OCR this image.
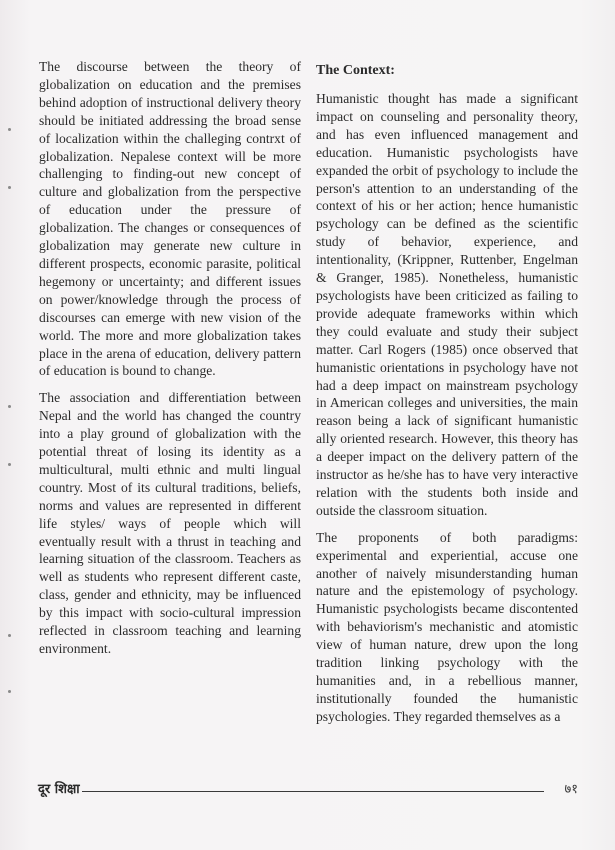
The discourse between the theory of globalization on education and the premises behind adoption of instructional delivery theory should be initiated addressing the broad sense of localization within the challeging contrxt of globalization. Nepalese context will be more challenging to finding-out new concept of culture and globalization from the perspective of education under the pressure of globalization. The changes or consequences of globalization may generate new culture in different prospects, economic parasite, political hegemony or uncertainty; and different issues on power/knowledge through the process of discourses can emerge with new vision of the world. The more and more globalization takes place in the arena of education, delivery pattern of education is bound to change.

The association and differentiation between Nepal and the world has changed the country into a play ground of globalization with the potential threat of losing its identity as a multicultural, multi ethnic and multi lingual country. Most of its cultural traditions, beliefs, norms and values are represented in different life styles/ ways of people which will eventually result with a thrust in teaching and learning situation of the classroom. Teachers as well as students who represent different caste, class, gender and ethnicity, may be influenced by this impact with socio-cultural impression reflected in classroom teaching and learning environment.

The Context:

Humanistic thought has made a significant impact on counseling and personality theory, and has even influenced management and education. Humanistic psychologists have expanded the orbit of psychology to include the person's attention to an understanding of the context of his or her action; hence humanistic psychology can be defined as the scientific study of behavior, experience, and intentionality, (Krippner, Ruttenber, Engelman & Granger, 1985). Nonetheless, humanistic psychologists have been criticized as failing to provide adequate frameworks within which they could evaluate and study their subject matter. Carl Rogers (1985) once observed that humanistic orientations in psychology have not had a deep impact on mainstream psychology in American colleges and universities, the main reason being a lack of significant humanistic ally oriented research. However, this theory has a deeper impact on the delivery pattern of the instructor as he/she has to have very interactive relation with the students both inside and outside the classroom situation.

The proponents of both paradigms: experimental and experiential, accuse one another of naively misunderstanding human nature and the epistemology of psychology. Humanistic psychologists became discontented with behaviorism's mechanistic and atomistic view of human nature, drew upon the long tradition linking psychology with the humanities and, in a rebellious manner, institutionally founded the humanistic psychologies. They regarded themselves as a

दूर शिक्षा	७१
